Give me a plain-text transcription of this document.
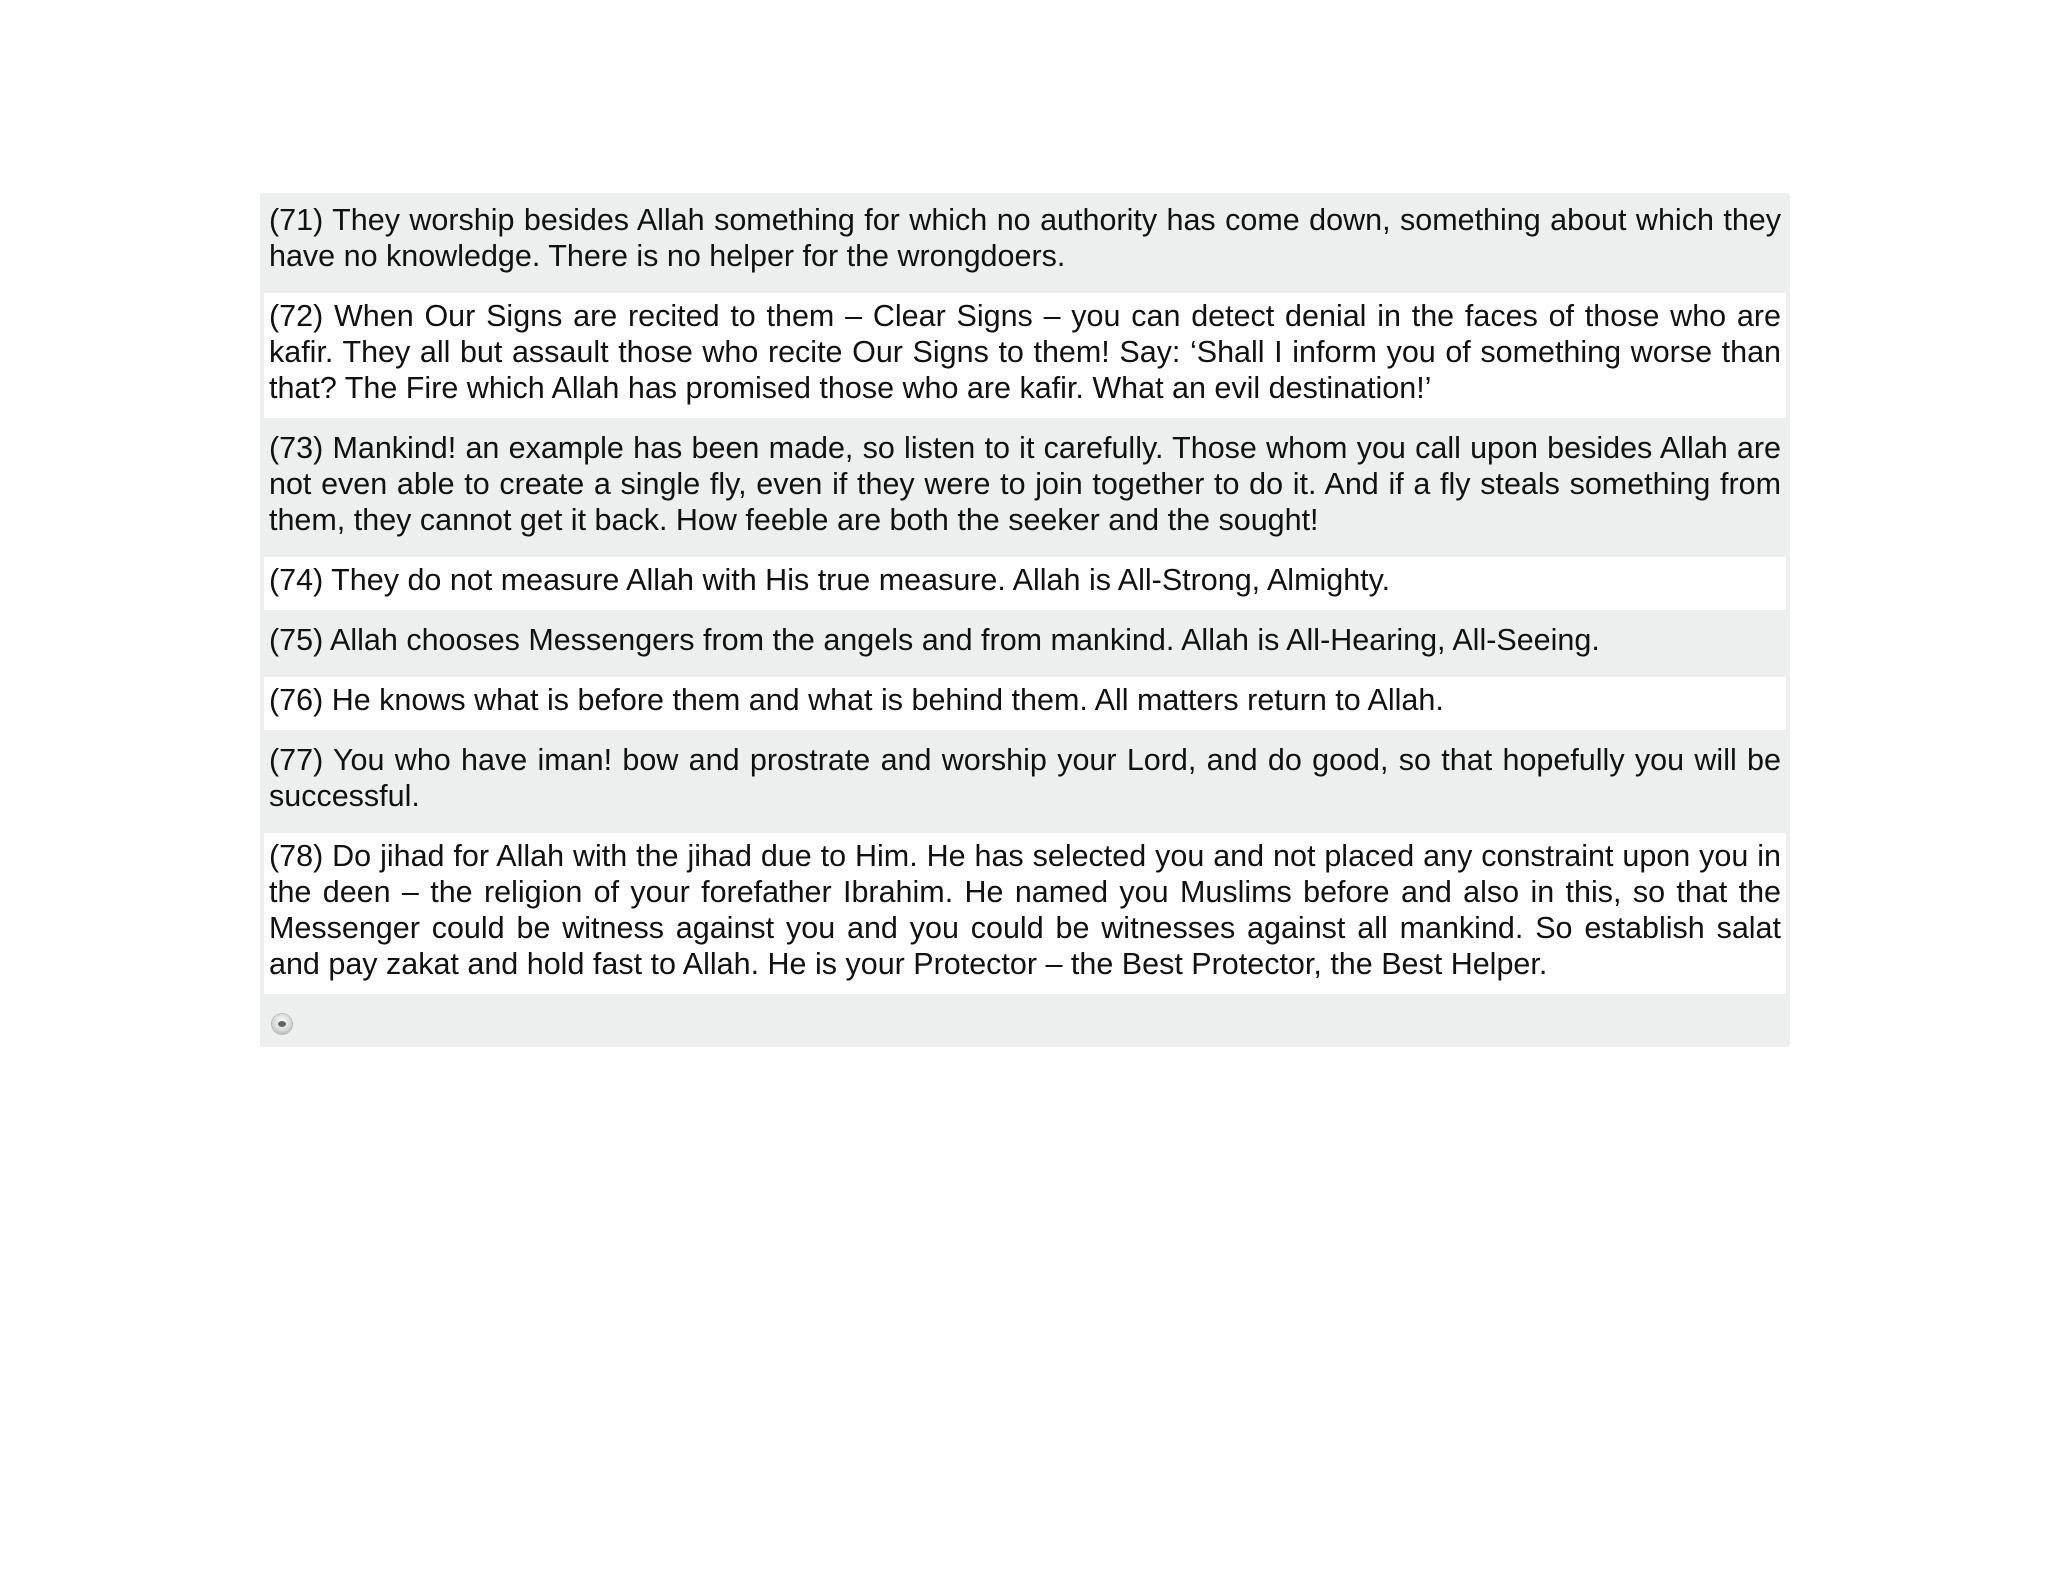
(71) They worship besides Allah something for which no authority has come down, something about which they have no knowledge. There is no helper for the wrongdoers.
(72) When Our Signs are recited to them – Clear Signs – you can detect denial in the faces of those who are kafir. They all but assault those who recite Our Signs to them! Say: ‘Shall I inform you of something worse than that? The Fire which Allah has promised those who are kafir. What an evil destination!’
(73) Mankind! an example has been made, so listen to it carefully. Those whom you call upon besides Allah are not even able to create a single fly, even if they were to join together to do it. And if a fly steals something from them, they cannot get it back. How feeble are both the seeker and the sought!
(74) They do not measure Allah with His true measure. Allah is All-Strong, Almighty.
(75) Allah chooses Messengers from the angels and from mankind. Allah is All-Hearing, All-Seeing.
(76) He knows what is before them and what is behind them. All matters return to Allah.
(77) You who have iman! bow and prostrate and worship your Lord, and do good, so that hopefully you will be successful.
(78) Do jihad for Allah with the jihad due to Him. He has selected you and not placed any constraint upon you in the deen – the religion of your forefather Ibrahim. He named you Muslims before and also in this, so that the Messenger could be witness against you and you could be witnesses against all mankind. So establish salat and pay zakat and hold fast to Allah. He is your Protector – the Best Protector, the Best Helper.
